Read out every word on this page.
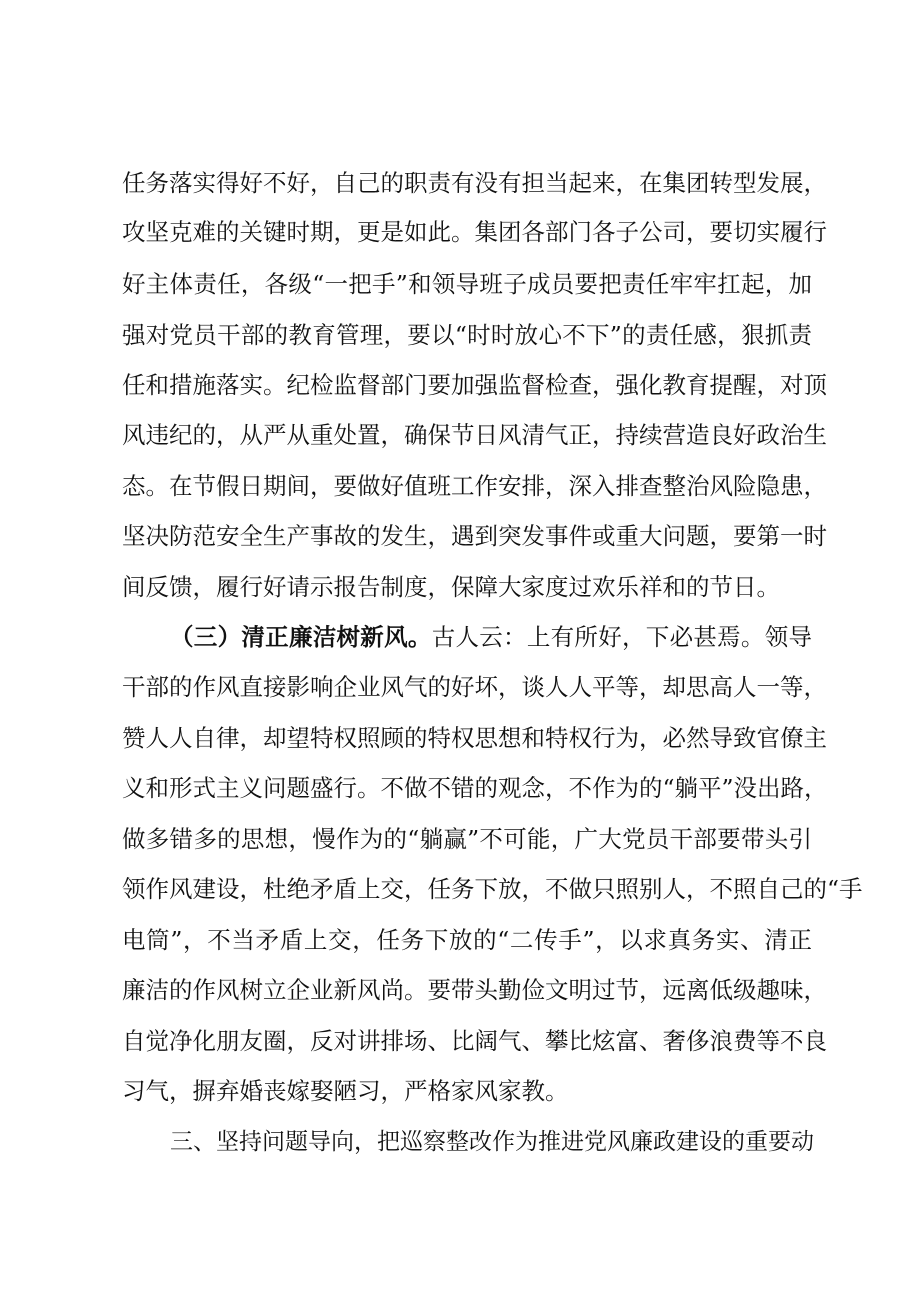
任务落实得好不好，自己的职责有没有担当起来，在集团转型发展，
攻坚克难的关键时期，更是如此。集团各部门各子公司，要切实履行
好主体责任，各级“一把手”和领导班子成员要把责任牢牢扛起，加
强对党员干部的教育管理，要以“时时放心不下”的责任感，狠抓责
任和措施落实。纪检监督部门要加强监督检查，强化教育提醒，对顶
风违纪的，从严从重处置，确保节日风清气正，持续营造良好政治生
态。在节假日期间，要做好值班工作安排，深入排查整治风险隐患，
坚决防范安全生产事故的发生，遇到突发事件或重大问题，要第一时
间反馈，履行好请示报告制度，保障大家度过欢乐祥和的节日。
（三）清正廉洁树新风。古人云：上有所好，下必甚焉。领导
干部的作风直接影响企业风气的好坏，谈人人平等，却思高人一等，
赞人人自律，却望特权照顾的特权思想和特权行为，必然导致官僚主
义和形式主义问题盛行。不做不错的观念，不作为的“躺平”没出路，
做多错多的思想，慢作为的“躺赢”不可能，广大党员干部要带头引
领作风建设，杜绝矛盾上交，任务下放，不做只照别人，不照自己的“手
电筒”，不当矛盾上交，任务下放的“二传手”，以求真务实、清正
廉洁的作风树立企业新风尚。要带头勤俭文明过节，远离低级趣味，
自觉净化朋友圈，反对讲排场、比阔气、攀比炫富、奢侈浪费等不良
习气，摒弃婚丧嫁娶陋习，严格家风家教。
三、坚持问题导向，把巡察整改作为推进党风廉政建设的重要动
